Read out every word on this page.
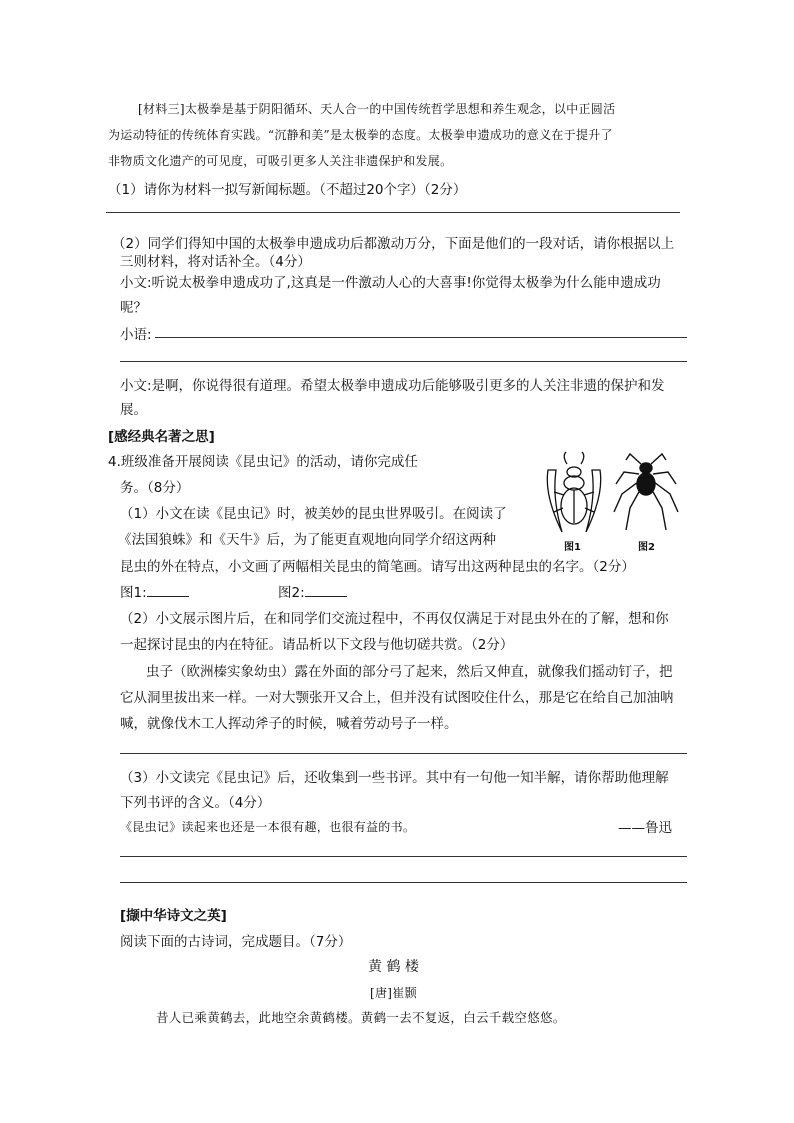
[材料三]太极拳是基于阴阳循环、天人合一的中国传统哲学思想和养生观念，以中正圆活
为运动特征的传统体育实践。“沉静和美”是太极拳的态度。太极拳申遗成功的意义在于提升了
非物质文化遗产的可见度，可吸引更多人关注非遗保护和发展。
（1）请你为材料一拟写新闻标题。（不超过20个字）（2分）
（2）同学们得知中国的太极拳申遗成功后都激动万分，下面是他们的一段对话，请你根据以上
三则材料，将对话补全。（4分）
小文:听说太极拳申遗成功了,这真是一件激动人心的大喜事!你觉得太极拳为什么能申遗成功
呢？
小语:
小文:是啊，你说得很有道理。希望太极拳申遗成功后能够吸引更多的人关注非遗的保护和发
展。
[感经典名著之思]
4.班级准备开展阅读《昆虫记》的活动，请你完成任
务。（8分）
（1）小文在读《昆虫记》时，被美妙的昆虫世界吸引。在阅读了
《法国狼蛛》和《天牛》后，为了能更直观地向同学介绍这两种
昆虫的外在特点，小文画了两幅相关昆虫的简笔画。请写出这两种昆虫的名字。（2分）
图1	图2
图1:	图2:
（2）小文展示图片后，在和同学们交流过程中，不再仅仅满足于对昆虫外在的了解，想和你
一起探讨昆虫的内在特征。请品析以下文段与他切磋共赏。（2分）
虫子（欧洲榛实象幼虫）露在外面的部分弓了起来，然后又伸直，就像我们摇动钉子，把
它从洞里拔出来一样。一对大颚张开又合上，但并没有试图咬住什么，那是它在给自己加油呐
喊，就像伐木工人挥动斧子的时候，喊着劳动号子一样。
（3）小文读完《昆虫记》后，还收集到一些书评。其中有一句他一知半解，请你帮助他理解
下列书评的含义。（4分）
《昆虫记》读起来也还是一本很有趣，也很有益的书。	——鲁迅
[撷中华诗文之英]
阅读下面的古诗词，完成题目。（7分）
黄 鹤 楼
[唐]崔颢
昔人已乘黄鹤去，此地空余黄鹤楼。黄鹤一去不复返，白云千载空悠悠。
